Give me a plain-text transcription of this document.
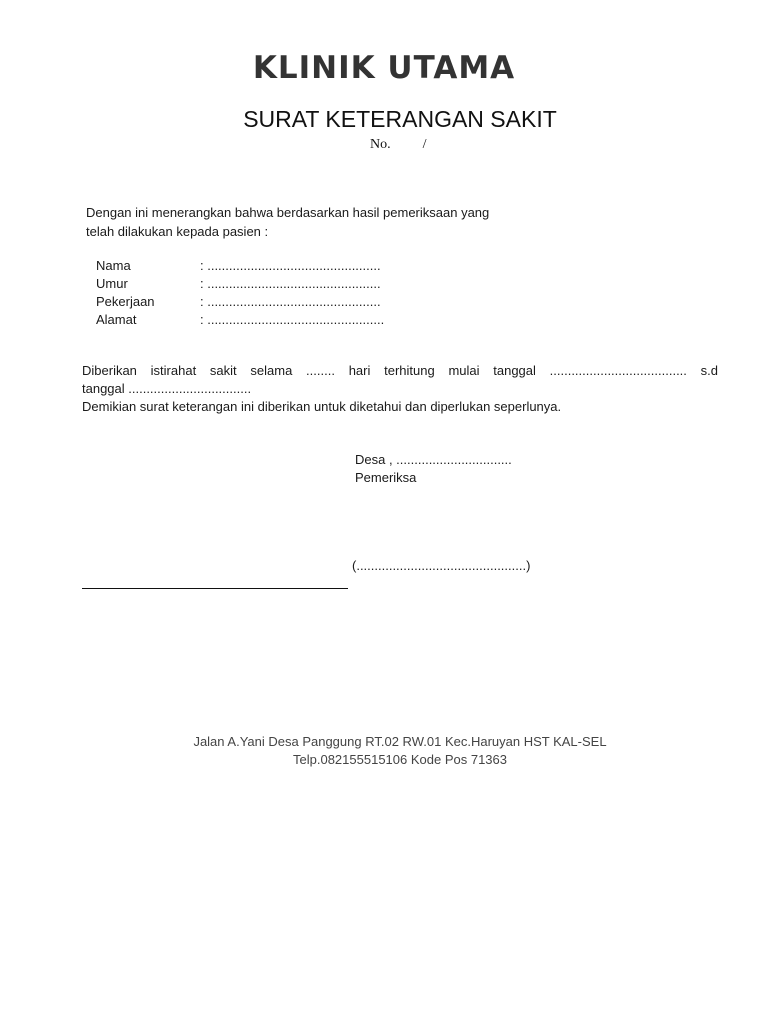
KLINIK UTAMA
SURAT KETERANGAN SAKIT
No. /
Dengan ini menerangkan bahwa berdasarkan hasil pemeriksaan yang
telah dilakukan kepada pasien :
Nama	: ................................................
Umur	: ................................................
Pekerjaan	: ................................................
Alamat	: .................................................
Diberikan istirahat sakit selama ........ hari terhitung mulai tanggal ...................................... s.d
tanggal ..................................
Demikian surat keterangan ini diberikan untuk diketahui dan diperlukan seperlunya.
Desa , ................................
Pemeriksa
(...............................................)
Jalan A.Yani Desa Panggung RT.02 RW.01 Kec.Haruyan HST KAL-SEL
Telp.082155515106 Kode Pos 71363
